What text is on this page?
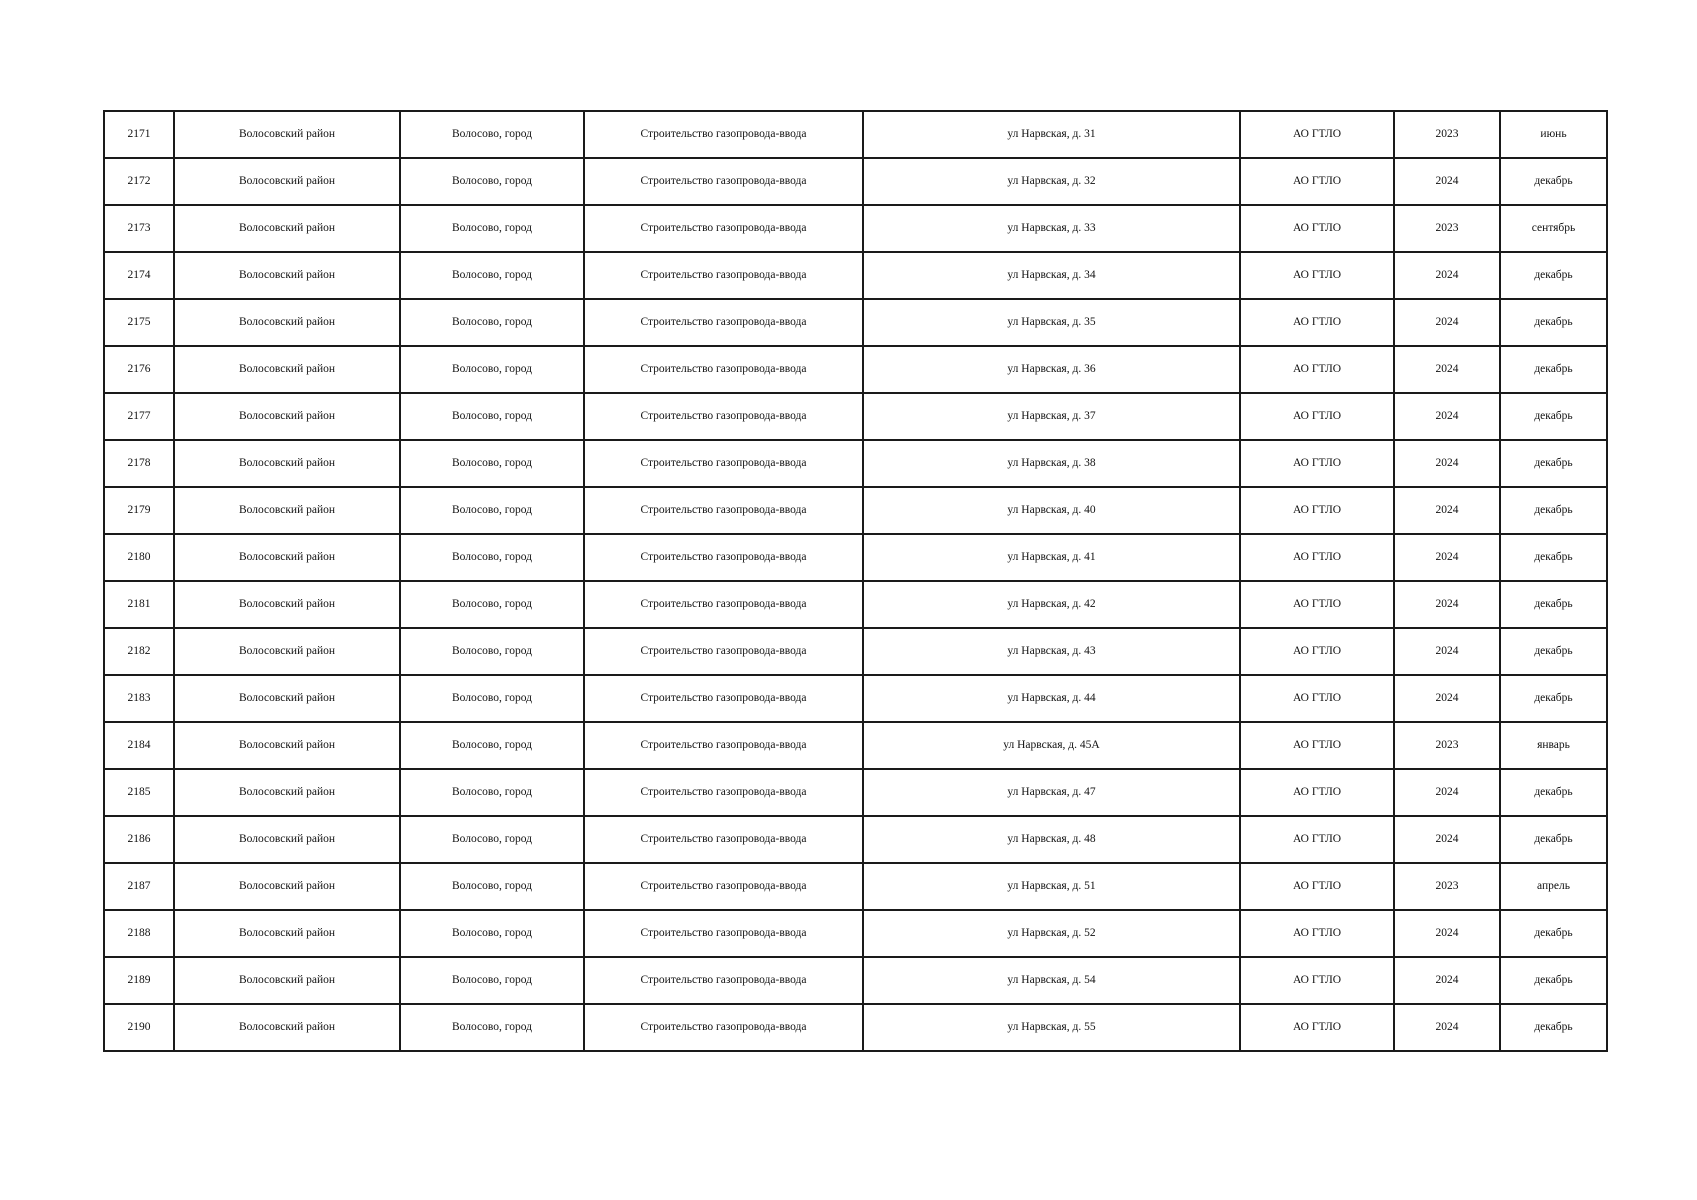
2171	Волосовский район	Волосово, город	Строительство газопровода-ввода	ул Нарвская, д. 31	АО ГТЛО	2023	июнь
2172	Волосовский район	Волосово, город	Строительство газопровода-ввода	ул Нарвская, д. 32	АО ГТЛО	2024	декабрь
2173	Волосовский район	Волосово, город	Строительство газопровода-ввода	ул Нарвская, д. 33	АО ГТЛО	2023	сентябрь
2174	Волосовский район	Волосово, город	Строительство газопровода-ввода	ул Нарвская, д. 34	АО ГТЛО	2024	декабрь
2175	Волосовский район	Волосово, город	Строительство газопровода-ввода	ул Нарвская, д. 35	АО ГТЛО	2024	декабрь
2176	Волосовский район	Волосово, город	Строительство газопровода-ввода	ул Нарвская, д. 36	АО ГТЛО	2024	декабрь
2177	Волосовский район	Волосово, город	Строительство газопровода-ввода	ул Нарвская, д. 37	АО ГТЛО	2024	декабрь
2178	Волосовский район	Волосово, город	Строительство газопровода-ввода	ул Нарвская, д. 38	АО ГТЛО	2024	декабрь
2179	Волосовский район	Волосово, город	Строительство газопровода-ввода	ул Нарвская, д. 40	АО ГТЛО	2024	декабрь
2180	Волосовский район	Волосово, город	Строительство газопровода-ввода	ул Нарвская, д. 41	АО ГТЛО	2024	декабрь
2181	Волосовский район	Волосово, город	Строительство газопровода-ввода	ул Нарвская, д. 42	АО ГТЛО	2024	декабрь
2182	Волосовский район	Волосово, город	Строительство газопровода-ввода	ул Нарвская, д. 43	АО ГТЛО	2024	декабрь
2183	Волосовский район	Волосово, город	Строительство газопровода-ввода	ул Нарвская, д. 44	АО ГТЛО	2024	декабрь
2184	Волосовский район	Волосово, город	Строительство газопровода-ввода	ул Нарвская, д. 45А	АО ГТЛО	2023	январь
2185	Волосовский район	Волосово, город	Строительство газопровода-ввода	ул Нарвская, д. 47	АО ГТЛО	2024	декабрь
2186	Волосовский район	Волосово, город	Строительство газопровода-ввода	ул Нарвская, д. 48	АО ГТЛО	2024	декабрь
2187	Волосовский район	Волосово, город	Строительство газопровода-ввода	ул Нарвская, д. 51	АО ГТЛО	2023	апрель
2188	Волосовский район	Волосово, город	Строительство газопровода-ввода	ул Нарвская, д. 52	АО ГТЛО	2024	декабрь
2189	Волосовский район	Волосово, город	Строительство газопровода-ввода	ул Нарвская, д. 54	АО ГТЛО	2024	декабрь
2190	Волосовский район	Волосово, город	Строительство газопровода-ввода	ул Нарвская, д. 55	АО ГТЛО	2024	декабрь
